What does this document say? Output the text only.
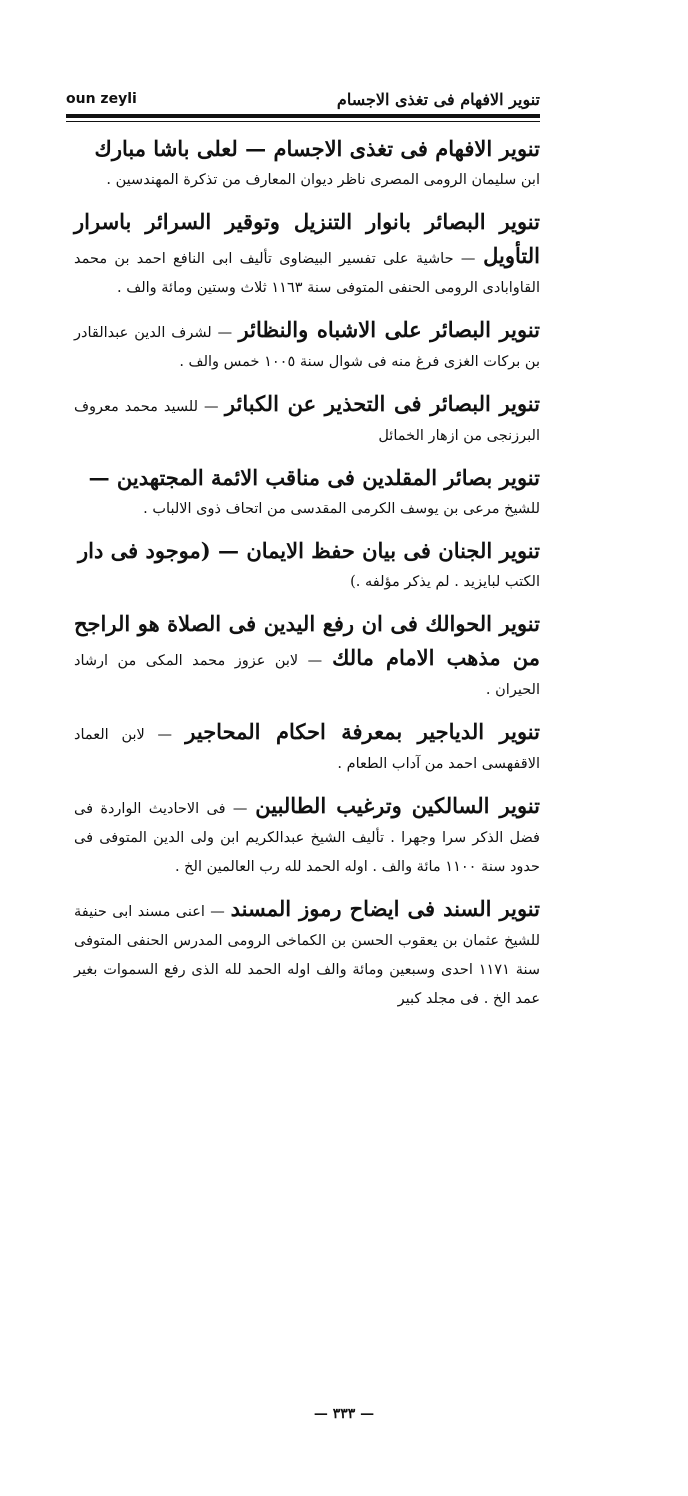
oun zeyli	تنوير الافهام فى تغذى الاجسام
تنوير الافهام فى تغذى الاجسام — لعلى باشا مبارك
ابن سليمان الرومى المصرى ناظر ديوان المعارف من تذكرة المهندسين .
تنوير البصائر بانوار التنزيل وتوقير السرائر باسرار التأويل — حاشية على تفسير البيضاوى تأليف ابى النافع احمد بن محمد القاوابادى الرومى الحنفى المتوفى سنة ١١٦٣ ثلاث وستين ومائة والف .
تنوير البصائر على الاشباه والنظائر — لشرف الدين عبدالقادر بن بركات الغزى فرغ منه فى شوال سنة ١٠٠٥ خمس والف .
تنوير البصائر فى التحذير عن الكبائر — للسيد محمد معروف البرزنجى من ازهار الخمائل
تنوير بصائر المقلدين فى مناقب الائمة المجتهدين —
للشيخ مرعى بن يوسف الكرمى المقدسى من اتحاف ذوى الالباب .
تنوير الجنان فى بيان حفظ الايمان — (موجود فى دار
الكتب لبايزيد . لم يذكر مؤلفه .)
تنوير الحوالك فى ان رفع اليدين فى الصلاة هو الراجح من مذهب الامام مالك — لابن عزوز محمد المكى من ارشاد الحيران .
تنوير الدياجير بمعرفة احكام المحاجير — لابن العماد الاقفهسى احمد من آداب الطعام .
تنوير السالكين وترغيب الطالبين — فى الاحاديث الواردة فى فضل الذكر سرا وجهرا . تأليف الشيخ عبدالكريم ابن ولى الدين المتوفى فى حدود سنة ١١٠٠ مائة والف . اوله الحمد لله رب العالمين الخ .
تنوير السند فى ايضاح رموز المسند — اعنى مسند ابى حنيفة للشيخ عثمان بن يعقوب الحسن بن الكماخى الرومى المدرس الحنفى المتوفى سنة ١١٧١ احدى وسبعين ومائة والف اوله الحمد لله الذى رفع السموات بغير عمد الخ . فى مجلد كبير
— ٣٣٣ —
